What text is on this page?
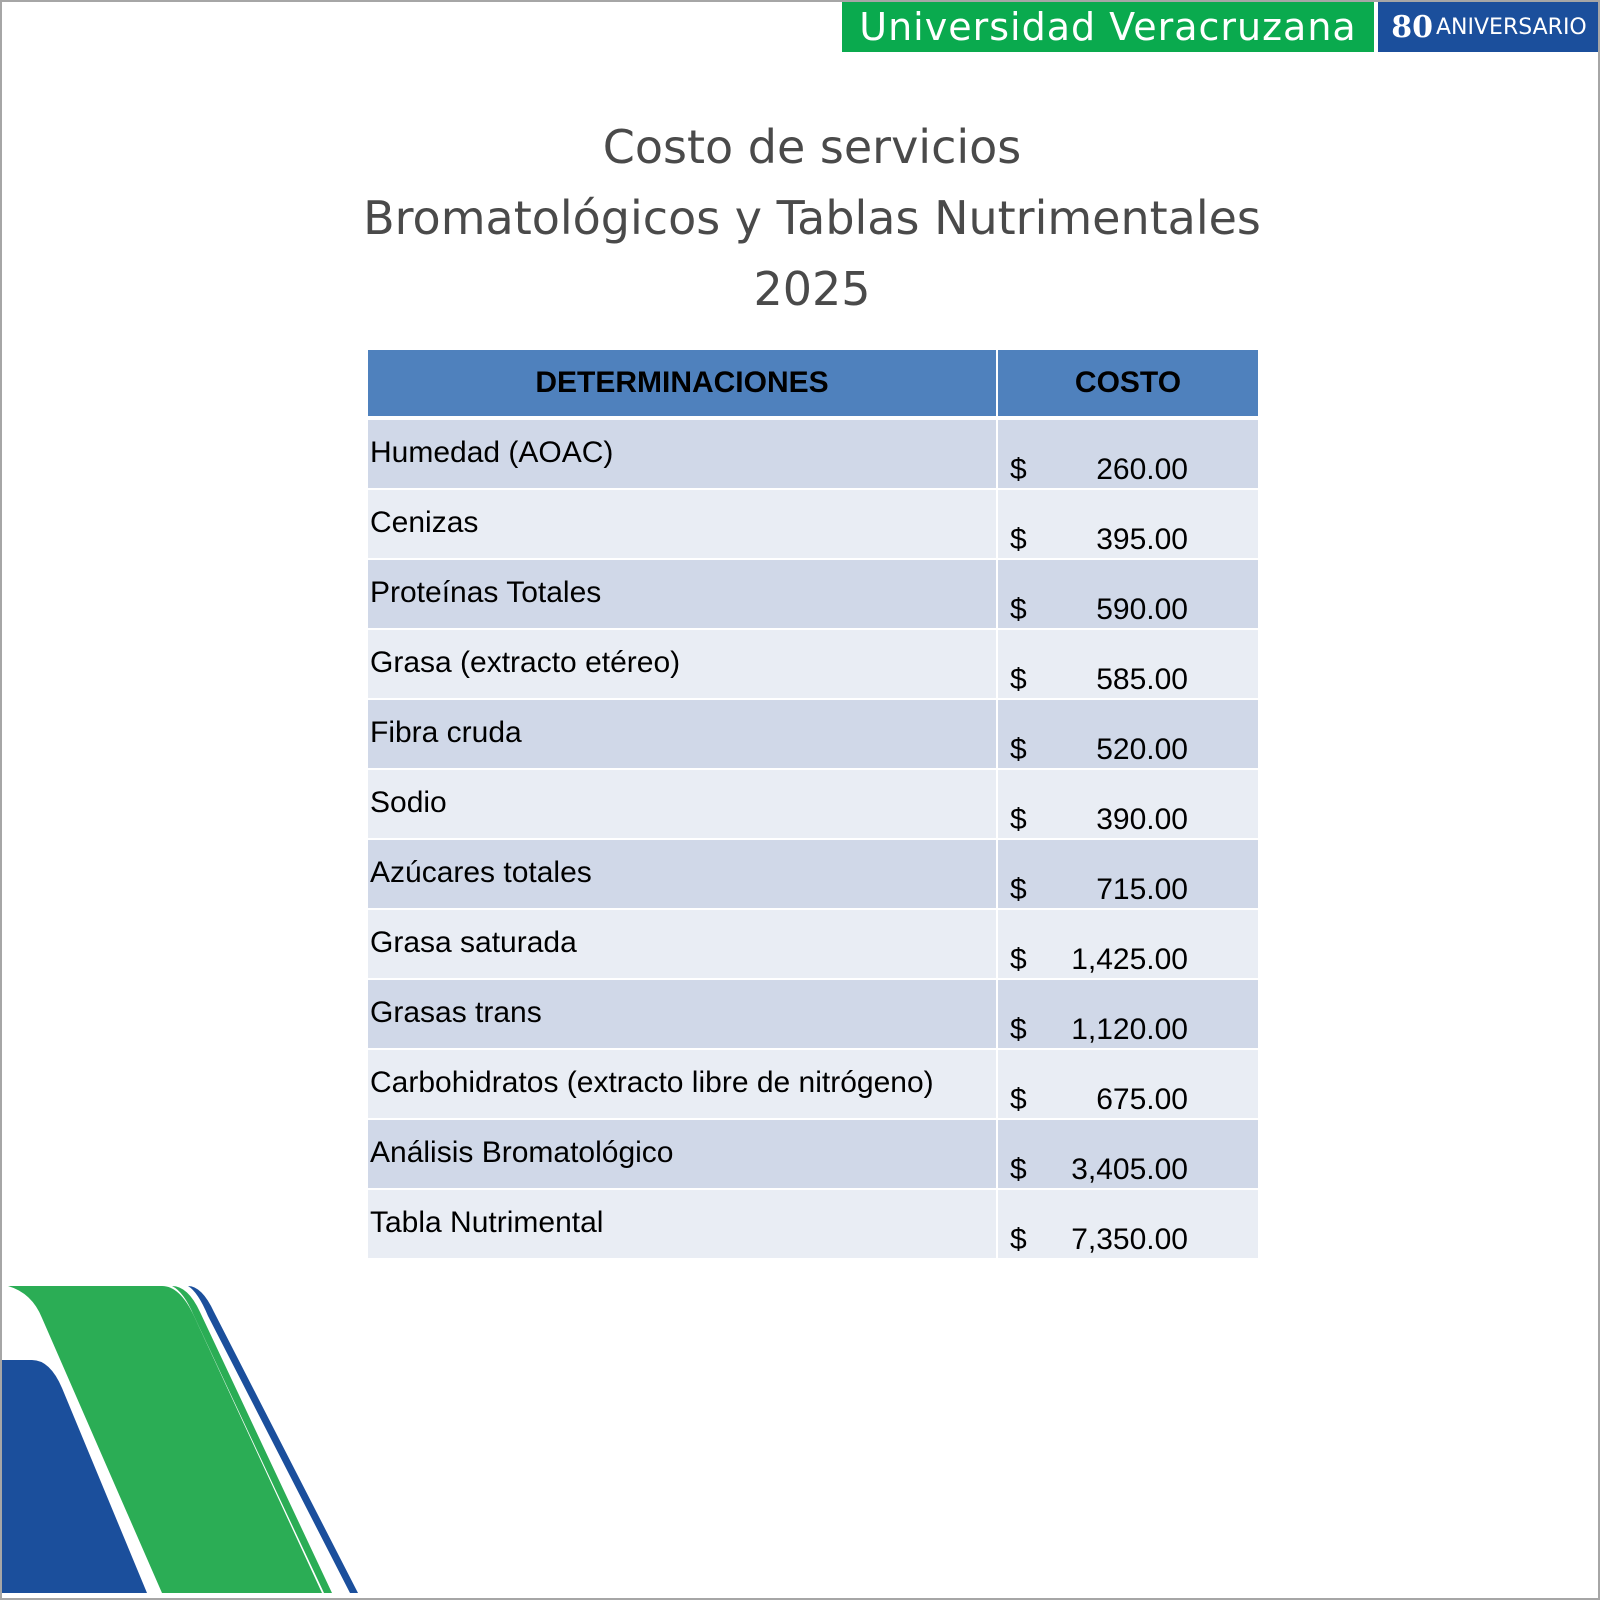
Universidad Veracruzana	80 ANIVERSARIO
Costo de servicios
Bromatológicos y Tablas Nutrimentales
2025
DETERMINACIONES	COSTO
Humedad (AOAC)	$ 260.00

Cenizas	$ 395.00

Proteínas Totales	$ 590.00

Grasa (extracto etéreo)	$ 585.00

Fibra cruda	$ 520.00

Sodio	$ 390.00

Azúcares totales	$ 715.00

Grasa saturada	$ 1,425.00

Grasas trans	$ 1,120.00

Carbohidratos (extracto libre de nitrógeno)	$ 675.00

Análisis Bromatológico	$ 3,405.00

Tabla Nutrimental	$ 7,350.00
